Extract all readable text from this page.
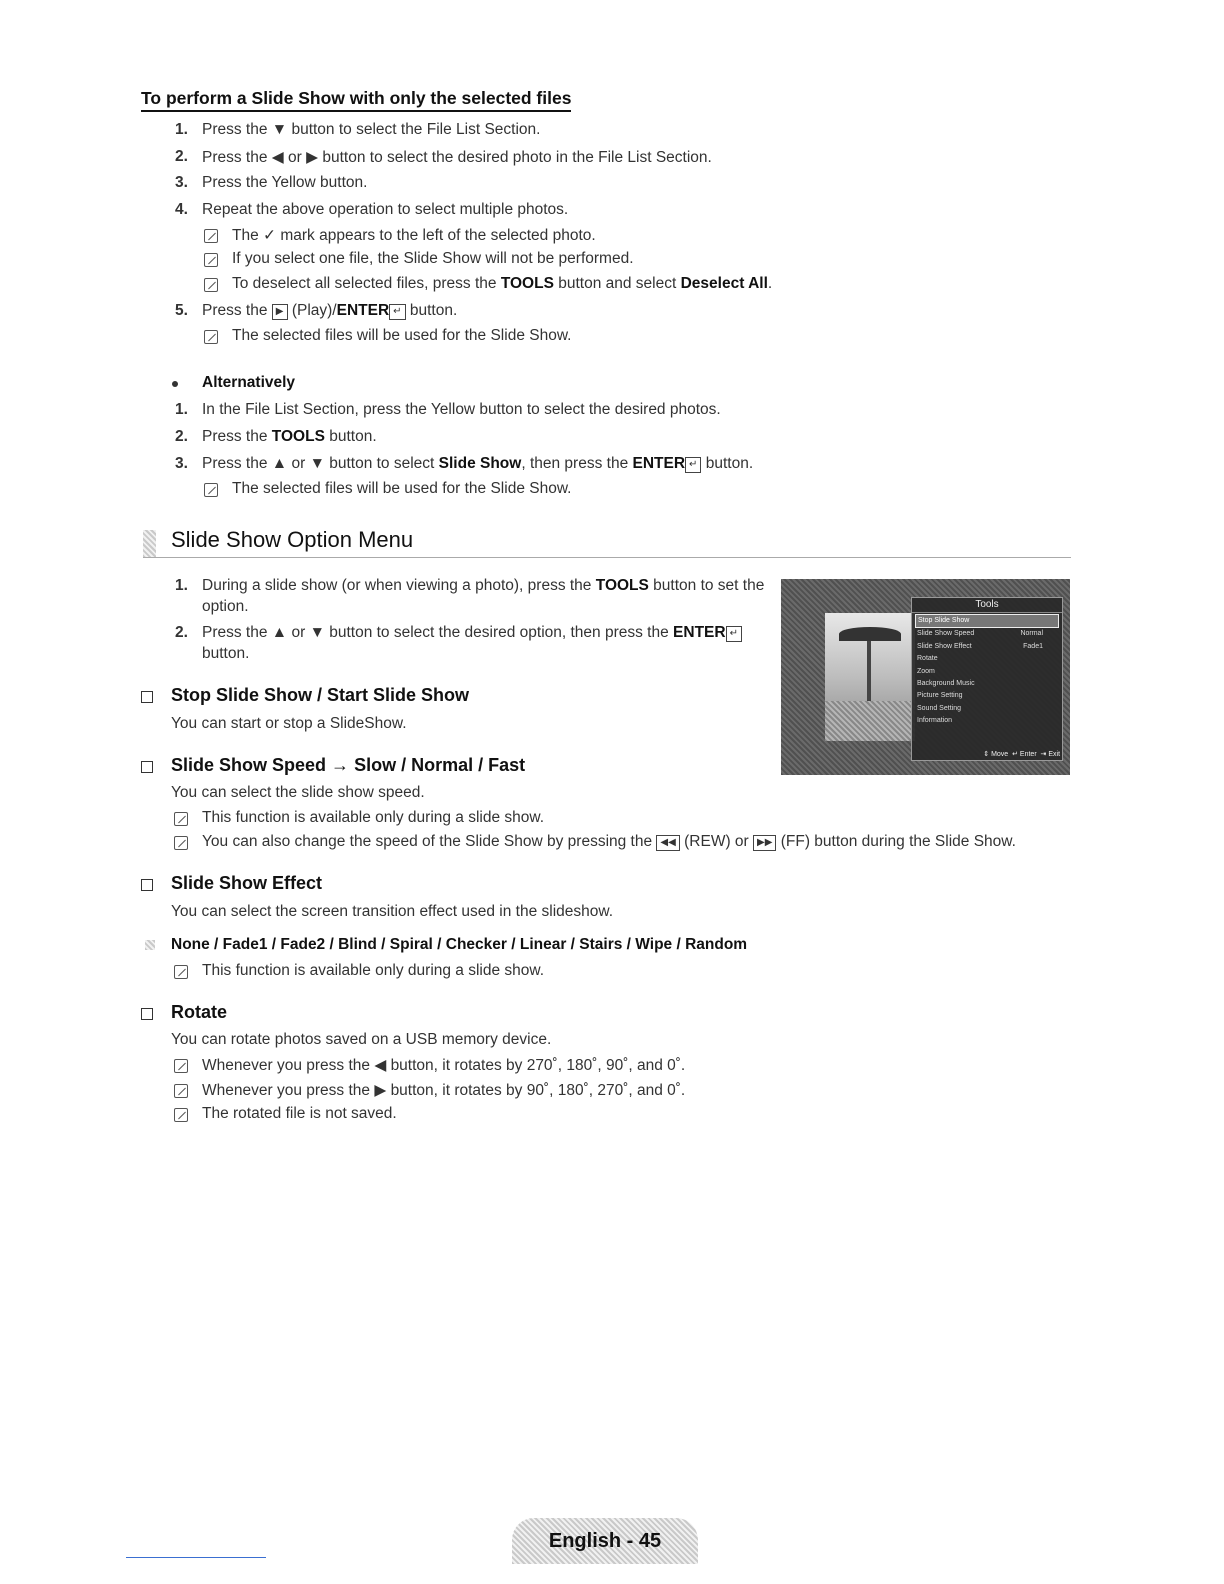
To perform a Slide Show with only the selected files
1. Press the ▼ button to select the File List Section.
2. Press the ◀ or ▶ button to select the desired photo in the File List Section.
3. Press the Yellow button.
4. Repeat the above operation to select multiple photos.
The ✓ mark appears to the left of the selected photo.
If you select one file, the Slide Show will not be performed.
To deselect all selected files, press the TOOLS button and select Deselect All.
5. Press the ▶ (Play)/ENTER ↵ button.
The selected files will be used for the Slide Show.
Alternatively
1. In the File List Section, press the Yellow button to select the desired photos.
2. Press the TOOLS button.
3. Press the ▲ or ▼ button to select Slide Show, then press the ENTER ↵ button.
The selected files will be used for the Slide Show.
Slide Show Option Menu
1. During a slide show (or when viewing a photo), press the TOOLS button to set the
option.
2. Press the ▲ or ▼ button to select the desired option, then press the ENTER ↵
button.
Tools
Stop Slide Show
Slide Show Speed	Normal
Slide Show Effect	Fade1
Rotate
Zoom
Background Music
Picture Setting
Sound Setting
Information
⇕ Move ↵ Enter ⇥ Exit
Stop Slide Show / Start Slide Show
You can start or stop a SlideShow.
Slide Show Speed → Slow / Normal / Fast
You can select the slide show speed.
This function is available only during a slide show.
You can also change the speed of the Slide Show by pressing the ◀◀ (REW) or ▶▶ (FF) button during the Slide Show.
Slide Show Effect
You can select the screen transition effect used in the slideshow.
None / Fade1 / Fade2 / Blind / Spiral / Checker / Linear / Stairs / Wipe / Random
This function is available only during a slide show.
Rotate
You can rotate photos saved on a USB memory device.
Whenever you press the ◀ button, it rotates by 270˚, 180˚, 90˚, and 0˚.
Whenever you press the ▶ button, it rotates by 90˚, 180˚, 270˚, and 0˚.
The rotated file is not saved.
English - 45
